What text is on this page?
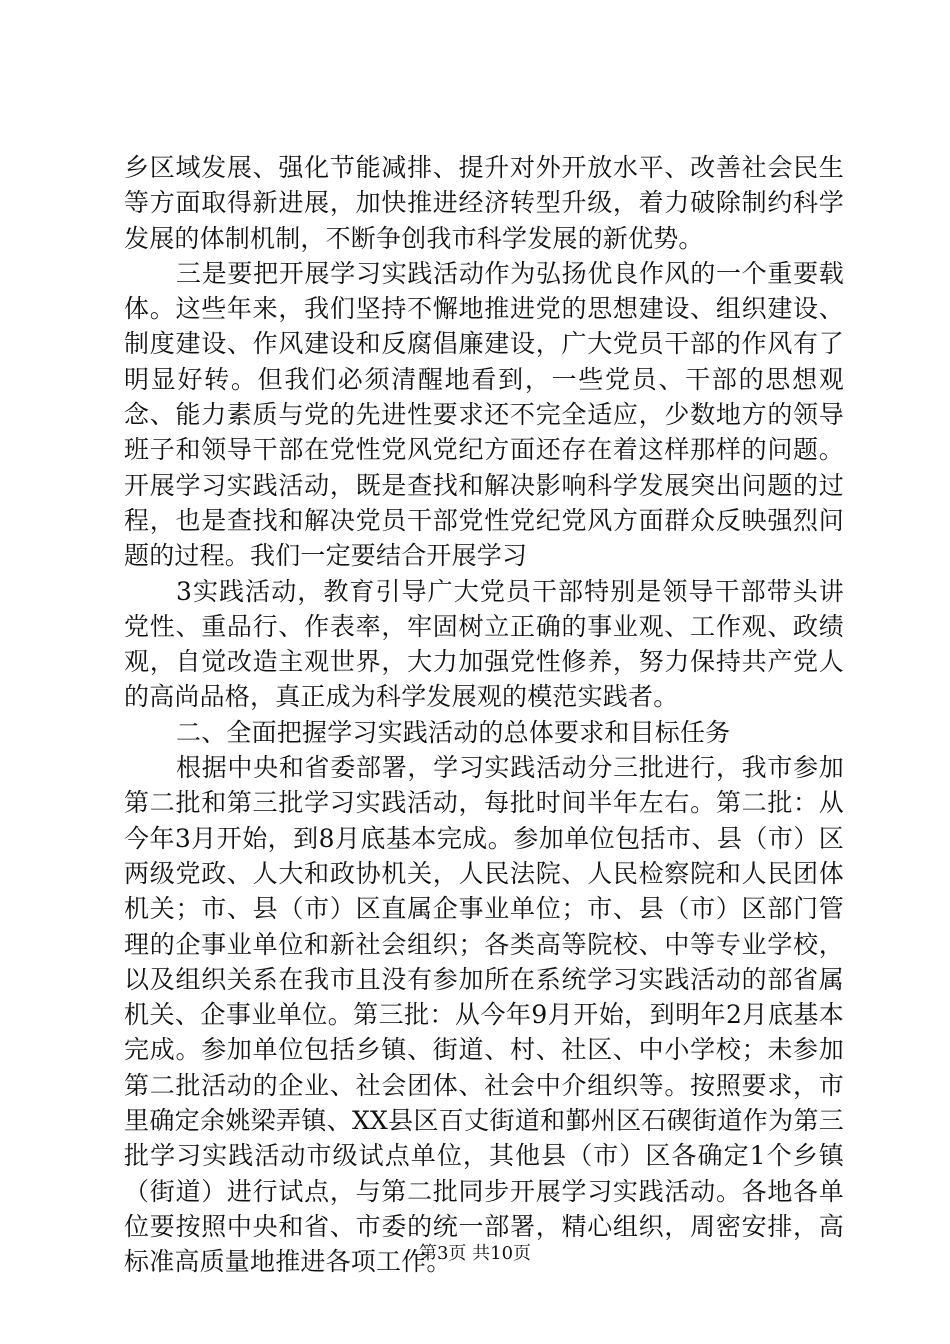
乡区域发展、强化节能减排、提升对外开放水平、改善社会民生等方面取得新进展，加快推进经济转型升级，着力破除制约科学发展的体制机制，不断争创我市科学发展的新优势。

三是要把开展学习实践活动作为弘扬优良作风的一个重要载体。这些年来，我们坚持不懈地推进党的思想建设、组织建设、制度建设、作风建设和反腐倡廉建设，广大党员干部的作风有了明显好转。但我们必须清醒地看到，一些党员、干部的思想观念、能力素质与党的先进性要求还不完全适应，少数地方的领导班子和领导干部在党性党风党纪方面还存在着这样那样的问题。开展学习实践活动，既是查找和解决影响科学发展突出问题的过程，也是查找和解决党员干部党性党纪党风方面群众反映强烈问题的过程。我们一定要结合开展学习

3实践活动，教育引导广大党员干部特别是领导干部带头讲党性、重品行、作表率，牢固树立正确的事业观、工作观、政绩观，自觉改造主观世界，大力加强党性修养，努力保持共产党人的高尚品格，真正成为科学发展观的模范实践者。

二、全面把握学习实践活动的总体要求和目标任务

根据中央和省委部署，学习实践活动分三批进行，我市参加第二批和第三批学习实践活动，每批时间半年左右。第二批：从今年3月开始，到8月底基本完成。参加单位包括市、县（市）区两级党政、人大和政协机关，人民法院、人民检察院和人民团体机关；市、县（市）区直属企事业单位；市、县（市）区部门管理的企事业单位和新社会组织；各类高等院校、中等专业学校，以及组织关系在我市且没有参加所在系统学习实践活动的部省属机关、企事业单位。第三批：从今年9月开始，到明年2月底基本完成。参加单位包括乡镇、街道、村、社区、中小学校；未参加第二批活动的企业、社会团体、社会中介组织等。按照要求，市里确定余姚梁弄镇、XX县区百丈街道和鄞州区石碶街道作为第三批学习实践活动市级试点单位，其他县（市）区各确定1个乡镇（街道）进行试点，与第二批同步开展学习实践活动。各地各单位要按照中央和省、市委的统一部署，精心组织，周密安排，高标准高质量地推进各项工作。

第3页 共10页
